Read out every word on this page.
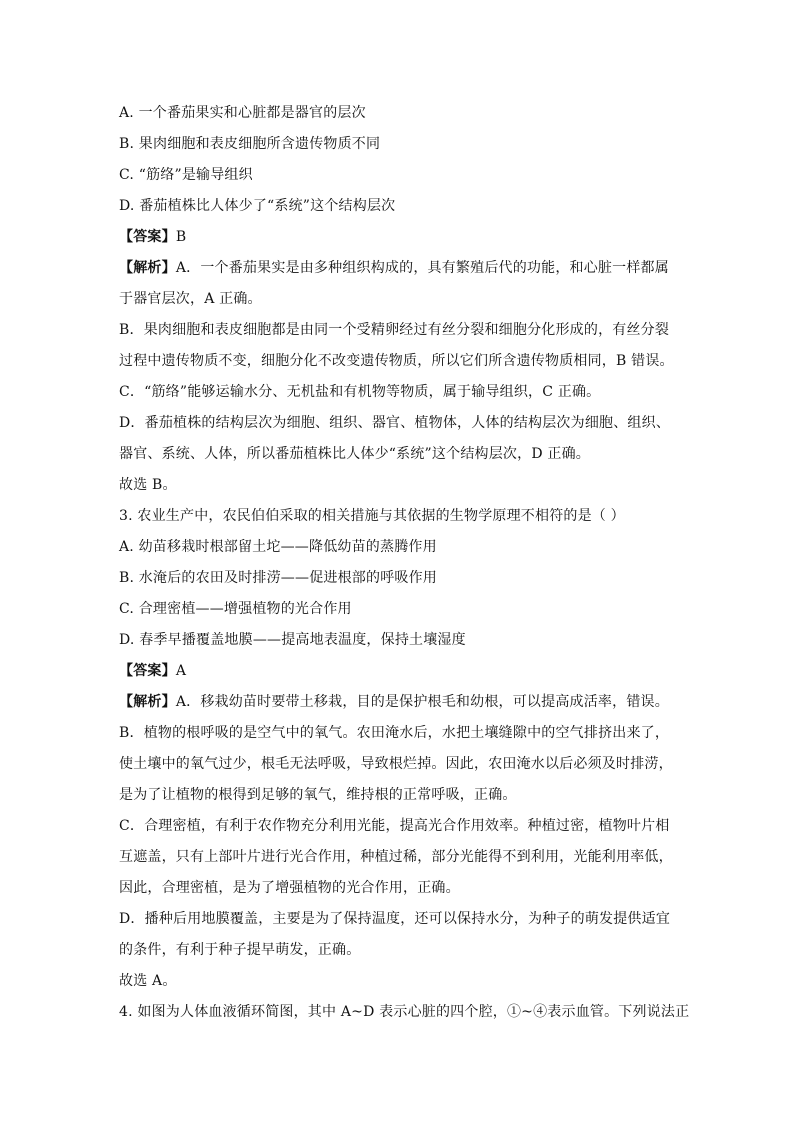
A. 一个番茄果实和心脏都是器官的层次
B. 果肉细胞和表皮细胞所含遗传物质不同
C. “筋络”是输导组织
D. 番茄植株比人体少了“系统”这个结构层次
【答案】B
【解析】A．一个番茄果实是由多种组织构成的，具有繁殖后代的功能，和心脏一样都属
于器官层次，A 正确。
B．果肉细胞和表皮细胞都是由同一个受精卵经过有丝分裂和细胞分化形成的，有丝分裂
过程中遗传物质不变，细胞分化不改变遗传物质，所以它们所含遗传物质相同，B 错误。
C．“筋络”能够运输水分、无机盐和有机物等物质，属于输导组织，C 正确。
D．番茄植株的结构层次为细胞、组织、器官、植物体，人体的结构层次为细胞、组织、
器官、系统、人体，所以番茄植株比人体少“系统”这个结构层次，D 正确。
故选 B。
3. 农业生产中，农民伯伯采取的相关措施与其依据的生物学原理不相符的是（ ）
A. 幼苗移栽时根部留土坨——降低幼苗的蒸腾作用
B. 水淹后的农田及时排涝——促进根部的呼吸作用
C. 合理密植——增强植物的光合作用
D. 春季早播覆盖地膜——提高地表温度，保持土壤湿度
【答案】A
【解析】A．移栽幼苗时要带土移栽，目的是保护根毛和幼根，可以提高成活率，错误。
B．植物的根呼吸的是空气中的氧气。农田淹水后，水把土壤缝隙中的空气排挤出来了，
使土壤中的氧气过少，根毛无法呼吸，导致根烂掉。因此，农田淹水以后必须及时排涝，
是为了让植物的根得到足够的氧气，维持根的正常呼吸，正确。
C．合理密植，有利于农作物充分利用光能，提高光合作用效率。种植过密，植物叶片相
互遮盖，只有上部叶片进行光合作用，种植过稀，部分光能得不到利用，光能利用率低，
因此，合理密植，是为了增强植物的光合作用，正确。
D．播种后用地膜覆盖，主要是为了保持温度，还可以保持水分，为种子的萌发提供适宜
的条件，有利于种子提早萌发，正确。
故选 A。
4. 如图为人体血液循环简图，其中 A~D 表示心脏的四个腔，①~④表示血管。下列说法正
